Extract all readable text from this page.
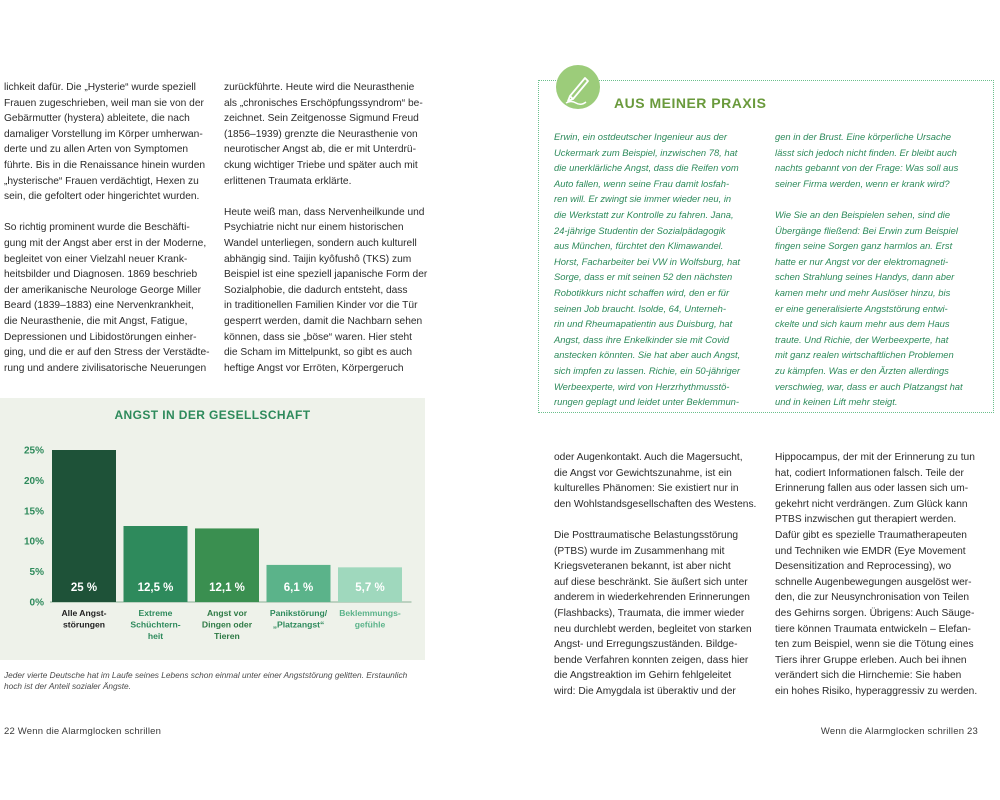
lichkeit dafür. Die „Hysterie“ wurde speziell
Frauen zugeschrieben, weil man sie von der
Gebärmutter (hystera) ableitete, die nach
damaliger Vorstellung im Körper umherwan-
derte und zu allen Arten von Symptomen
führte. Bis in die Renaissance hinein wurden
„hysterische“ Frauen verdächtigt, Hexen zu
sein, die gefoltert oder hingerichtet wurden.

So richtig prominent wurde die Beschäfti-
gung mit der Angst aber erst in der Moderne,
begleitet von einer Vielzahl neuer Krank-
heitsbilder und Diagnosen. 1869 beschrieb
der amerikanische Neurologe George Miller
Beard (1839–1883) eine Nervenkrankheit,
die Neurasthenie, die mit Angst, Fatigue,
Depressionen und Libidostörungen einher-
ging, und die er auf den Stress der Verstädte-
rung und andere zivilisatorische Neuerungen

zurückführte. Heute wird die Neurasthenie
als „chronisches Erschöpfungssyndrom“ be-
zeichnet. Sein Zeitgenosse Sigmund Freud
(1856–1939) grenzte die Neurasthenie von
neurotischer Angst ab, die er mit Unterdrü-
ckung wichtiger Triebe und später auch mit
erlittenen Traumata erklärte.

Heute weiß man, dass Nervenheilkunde und
Psychiatrie nicht nur einem historischen
Wandel unterliegen, sondern auch kulturell
abhängig sind. Taijin kyôfushô (TKS) zum
Beispiel ist eine speziell japanische Form der
Sozialphobie, die dadurch entsteht, dass
in traditionellen Familien Kinder vor die Tür
gesperrt werden, damit die Nachbarn sehen
können, dass sie „böse“ waren. Hier steht
die Scham im Mittelpunkt, so gibt es auch
heftige Angst vor Erröten, Körpergeruch

ANGST IN DER GESELLSCHAFT
0%
5%
10%
15%
20%
25%
25 %
Alle Angst-
störungen
12,5 %
Extreme
Schüchtern-
heit
12,1 %
Angst vor
Dingen oder
Tieren
6,1 %
Panikstörung/
„Platzangst“
5,7 %
Beklemmungs-
gefühle
Jeder vierte Deutsche hat im Laufe seines Lebens schon einmal unter einer Angststörung gelitten. Erstaunlich hoch ist der Anteil sozialer Ängste.
22 Wenn die Alarmglocken schrillen
AUS MEINER PRAXIS

Erwin, ein ostdeutscher Ingenieur aus der
Uckermark zum Beispiel, inzwischen 78, hat
die unerklärliche Angst, dass die Reifen vom
Auto fallen, wenn seine Frau damit losfah-
ren will. Er zwingt sie immer wieder neu, in
die Werkstatt zur Kontrolle zu fahren. Jana,
24-jährige Studentin der Sozialpädagogik
aus München, fürchtet den Klimawandel.
Horst, Facharbeiter bei VW in Wolfsburg, hat
Sorge, dass er mit seinen 52 den nächsten
Robotikkurs nicht schaffen wird, den er für
seinen Job braucht. Isolde, 64, Unterneh-
rin und Rheumapatientin aus Duisburg, hat
Angst, dass ihre Enkelkinder sie mit Covid
anstecken könnten. Sie hat aber auch Angst,
sich impfen zu lassen. Richie, ein 50-jähriger
Werbeexperte, wird von Herzrhythmusstö-
rungen geplagt und leidet unter Beklemmun-

gen in der Brust. Eine körperliche Ursache
lässt sich jedoch nicht finden. Er bleibt auch
nachts gebannt von der Frage: Was soll aus
seiner Firma werden, wenn er krank wird?

Wie Sie an den Beispielen sehen, sind die
Übergänge fließend: Bei Erwin zum Beispiel
fingen seine Sorgen ganz harmlos an. Erst
hatte er nur Angst vor der elektromagneti-
schen Strahlung seines Handys, dann aber
kamen mehr und mehr Auslöser hinzu, bis
er eine generalisierte Angststörung entwi-
ckelte und sich kaum mehr aus dem Haus
traute. Und Richie, der Werbeexperte, hat
mit ganz realen wirtschaftlichen Problemen
zu kämpfen. Was er den Ärzten allerdings
verschwieg, war, dass er auch Platzangst hat
und in keinen Lift mehr steigt.

oder Augenkontakt. Auch die Magersucht,
die Angst vor Gewichtszunahme, ist ein
kulturelles Phänomen: Sie existiert nur in
den Wohlstandsgesellschaften des Westens.

Die Posttraumatische Belastungsstörung
(PTBS) wurde im Zusammenhang mit
Kriegsveteranen bekannt, ist aber nicht
auf diese beschränkt. Sie äußert sich unter
anderem in wiederkehrenden Erinnerungen
(Flashbacks), Traumata, die immer wieder
neu durchlebt werden, begleitet von starken
Angst- und Erregungszuständen. Bildge-
bende Verfahren konnten zeigen, dass hier
die Angstreaktion im Gehirn fehlgeleitet
wird: Die Amygdala ist überaktiv und der

Hippocampus, der mit der Erinnerung zu tun
hat, codiert Informationen falsch. Teile der
Erinnerung fallen aus oder lassen sich um-
gekehrt nicht verdrängen. Zum Glück kann
PTBS inzwischen gut therapiert werden.
Dafür gibt es spezielle Traumatherapeuten
und Techniken wie EMDR (Eye Movement
Desensitization and Reprocessing), wo
schnelle Augenbewegungen ausgelöst wer-
den, die zur Neusynchronisation von Teilen
des Gehirns sorgen. Übrigens: Auch Säuge-
tiere können Traumata entwickeln – Elefan-
ten zum Beispiel, wenn sie die Tötung eines
Tiers ihrer Gruppe erleben. Auch bei ihnen
verändert sich die Hirnchemie: Sie haben
ein hohes Risiko, hyperaggressiv zu werden.

Wenn die Alarmglocken schrillen 23
